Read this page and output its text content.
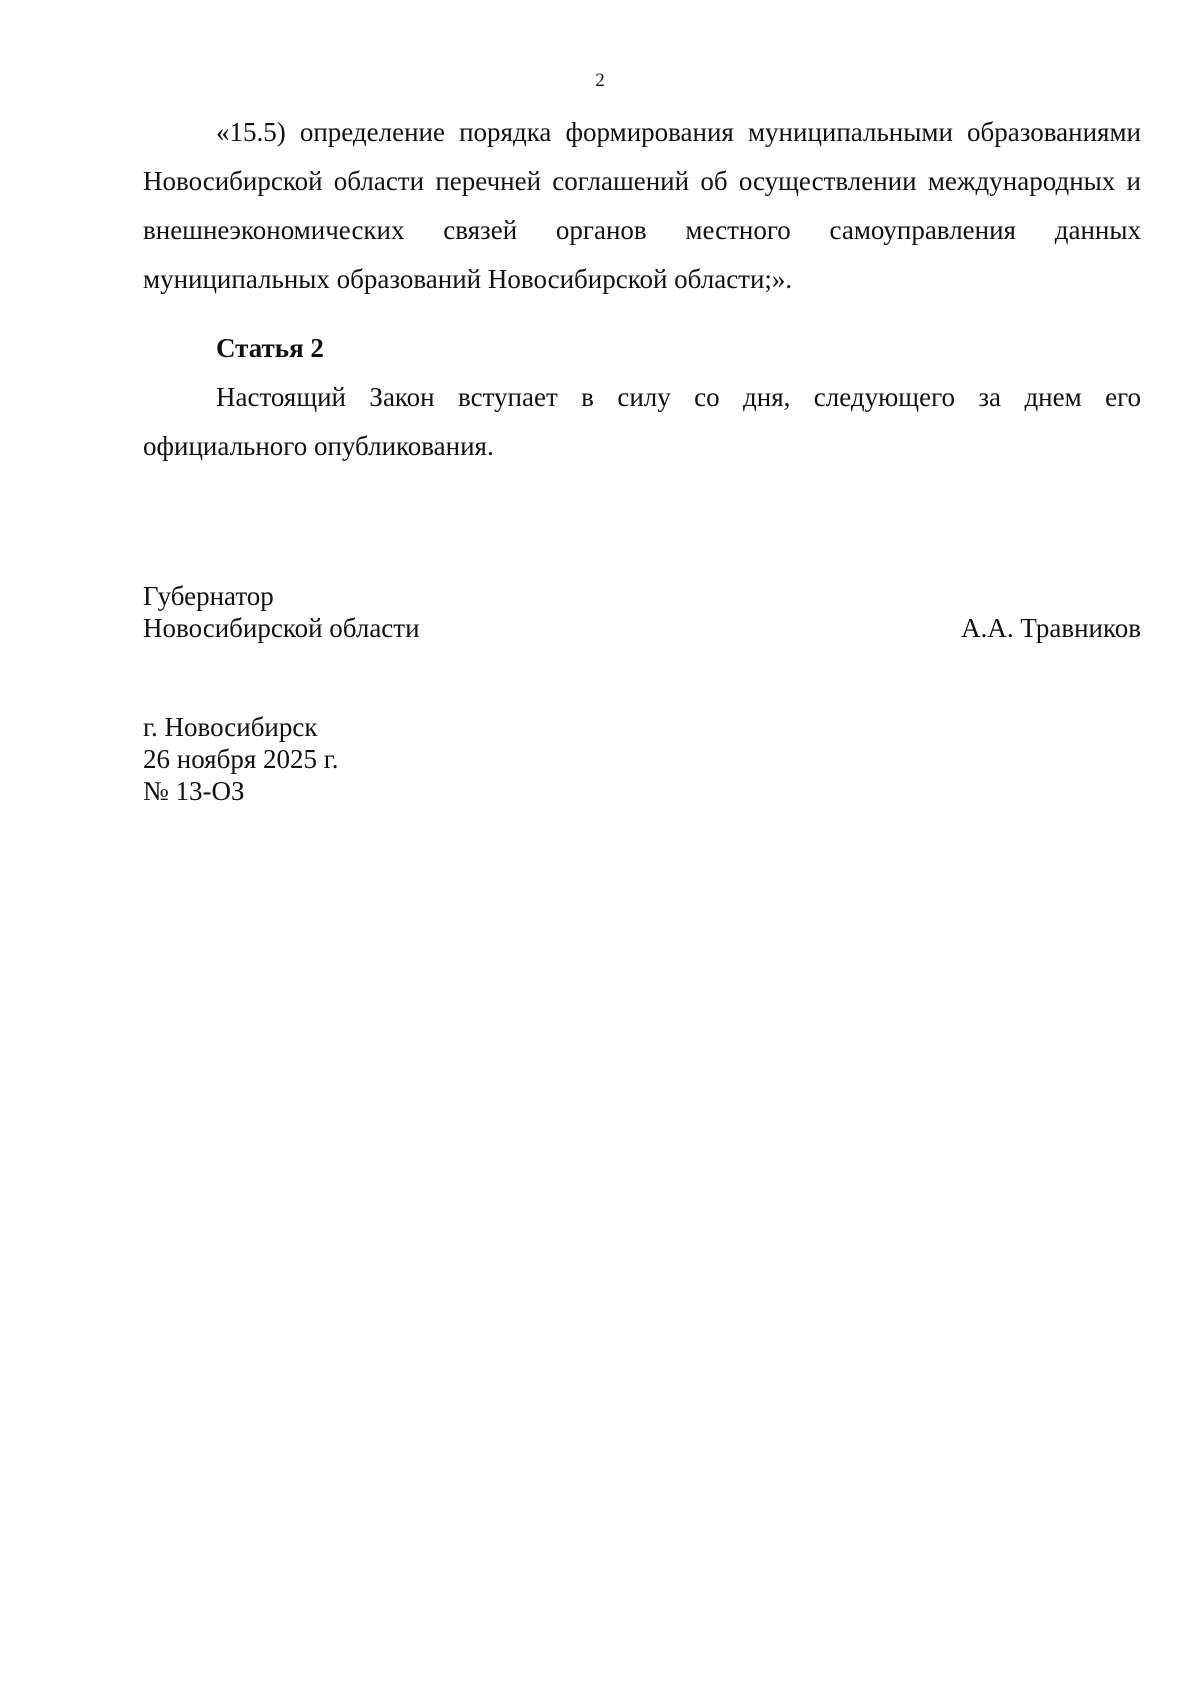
2

«15.5) определение порядка формирования муниципальными образованиями Новосибирской области перечней соглашений об осуществлении международных и внешнеэкономических связей органов местного самоуправления данных муниципальных образований Новосибирской области;».

Статья 2

Настоящий Закон вступает в силу со дня, следующего за днем его официального опубликования.

Губернатор
Новосибирской области	А.А. Травников
г. Новосибирск
26 ноября 2025 г.
№ 13-ОЗ
